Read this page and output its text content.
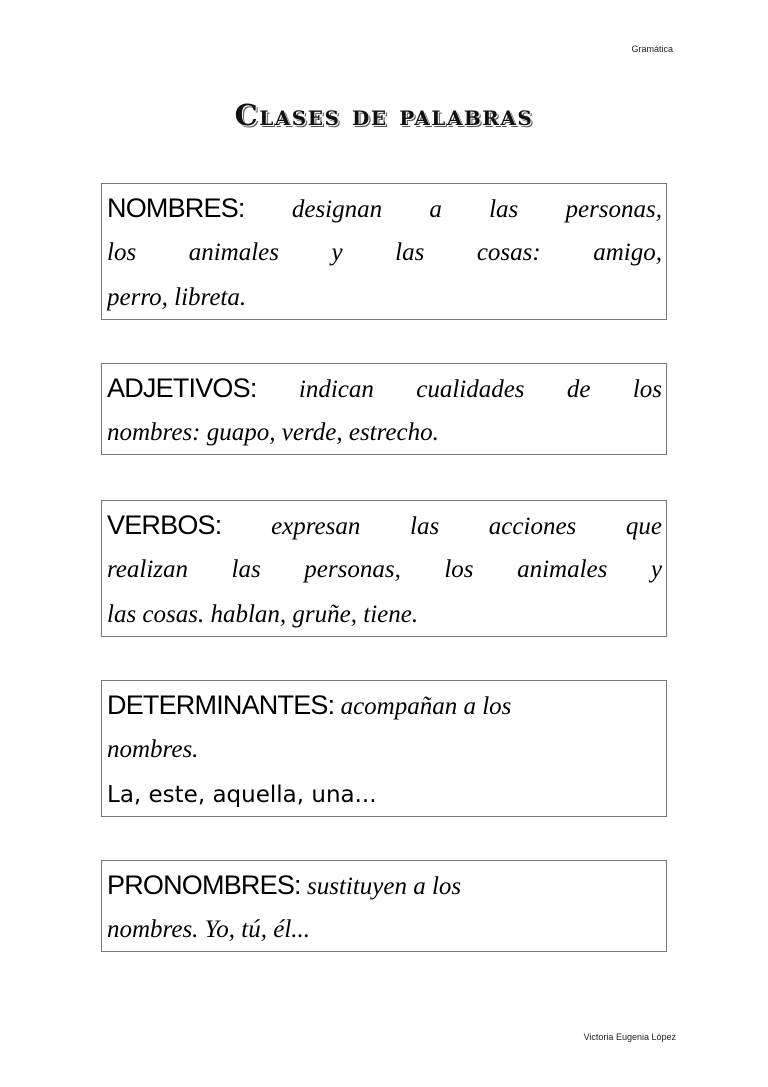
Gramática
Clases de palabras
NOMBRES: designan a las personas,
los animales y las cosas: amigo,
perro, libreta.
ADJETIVOS: indican cualidades de los
nombres: guapo, verde, estrecho.
VERBOS: expresan las acciones que
realizan las personas, los animales y
las cosas. hablan, gruñe, tiene.
DETERMINANTES: acompañan a los
nombres.
La, este, aquella, una...
PRONOMBRES: sustituyen a los
nombres. Yo, tú, él...
Victoria Eugenia López
